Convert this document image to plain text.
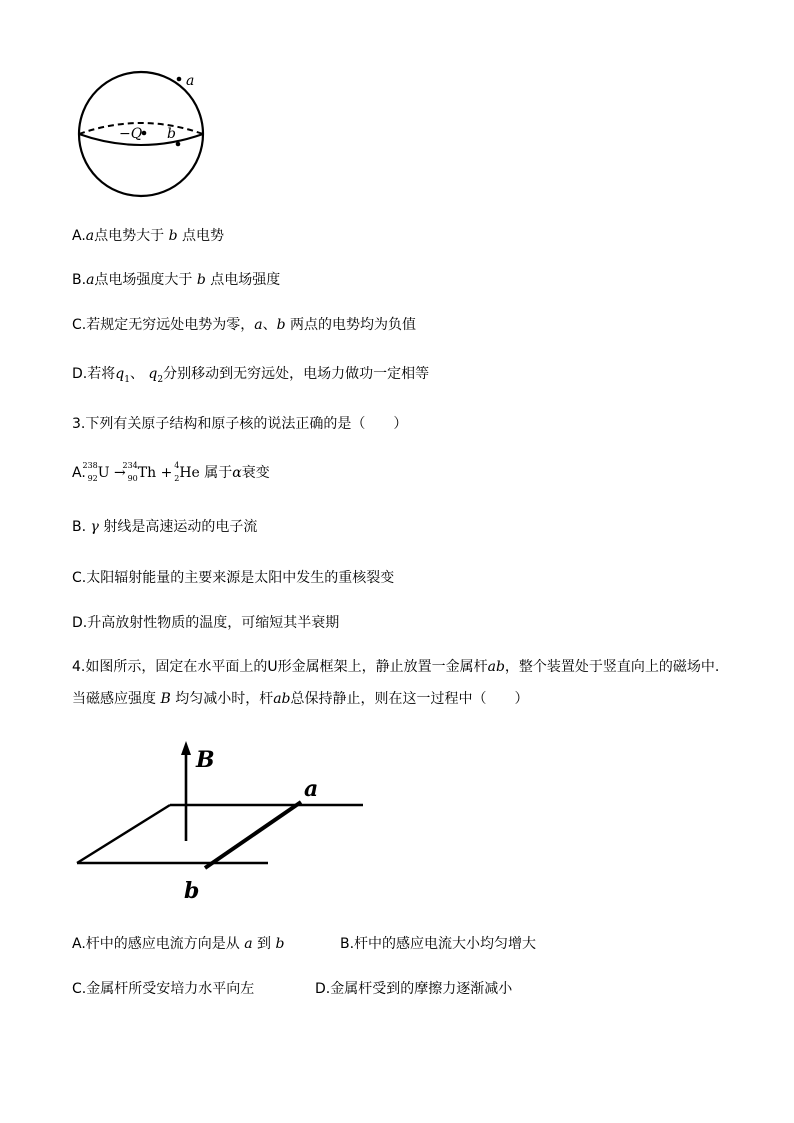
a
−Q b
A.a点电势大于 b 点电势
B.a点电场强度大于 b 点电场强度
C.若规定无穷远处电势为零，a、b 两点的电势均为负值
D.若将$q_1$、 $q_2$分别移动到无穷远处，电场力做功一定相等
3.下列有关原子结构和原子核的说法正确的是（　　）
A.
238
92 U →
234
90 Th + 4
2 He 属于α衰变
B. γ 射线是高速运动的电子流
C.太阳辐射能量的主要来源是太阳中发生的重核裂变
D.升高放射性物质的温度，可缩短其半衰期
4.如图所示，固定在水平面上的U形金属框架上，静止放置一金属杆ab，整个装置处于竖直向上的磁场中.
当磁感应强度 B 均匀减小时，杆ab总保持静止，则在这一过程中（　　）
B
a
b
A.杆中的感应电流方向是从 a 到 b	B.杆中的感应电流大小均匀增大
C.金属杆所受安培力水平向左	D.金属杆受到的摩擦力逐渐减小
